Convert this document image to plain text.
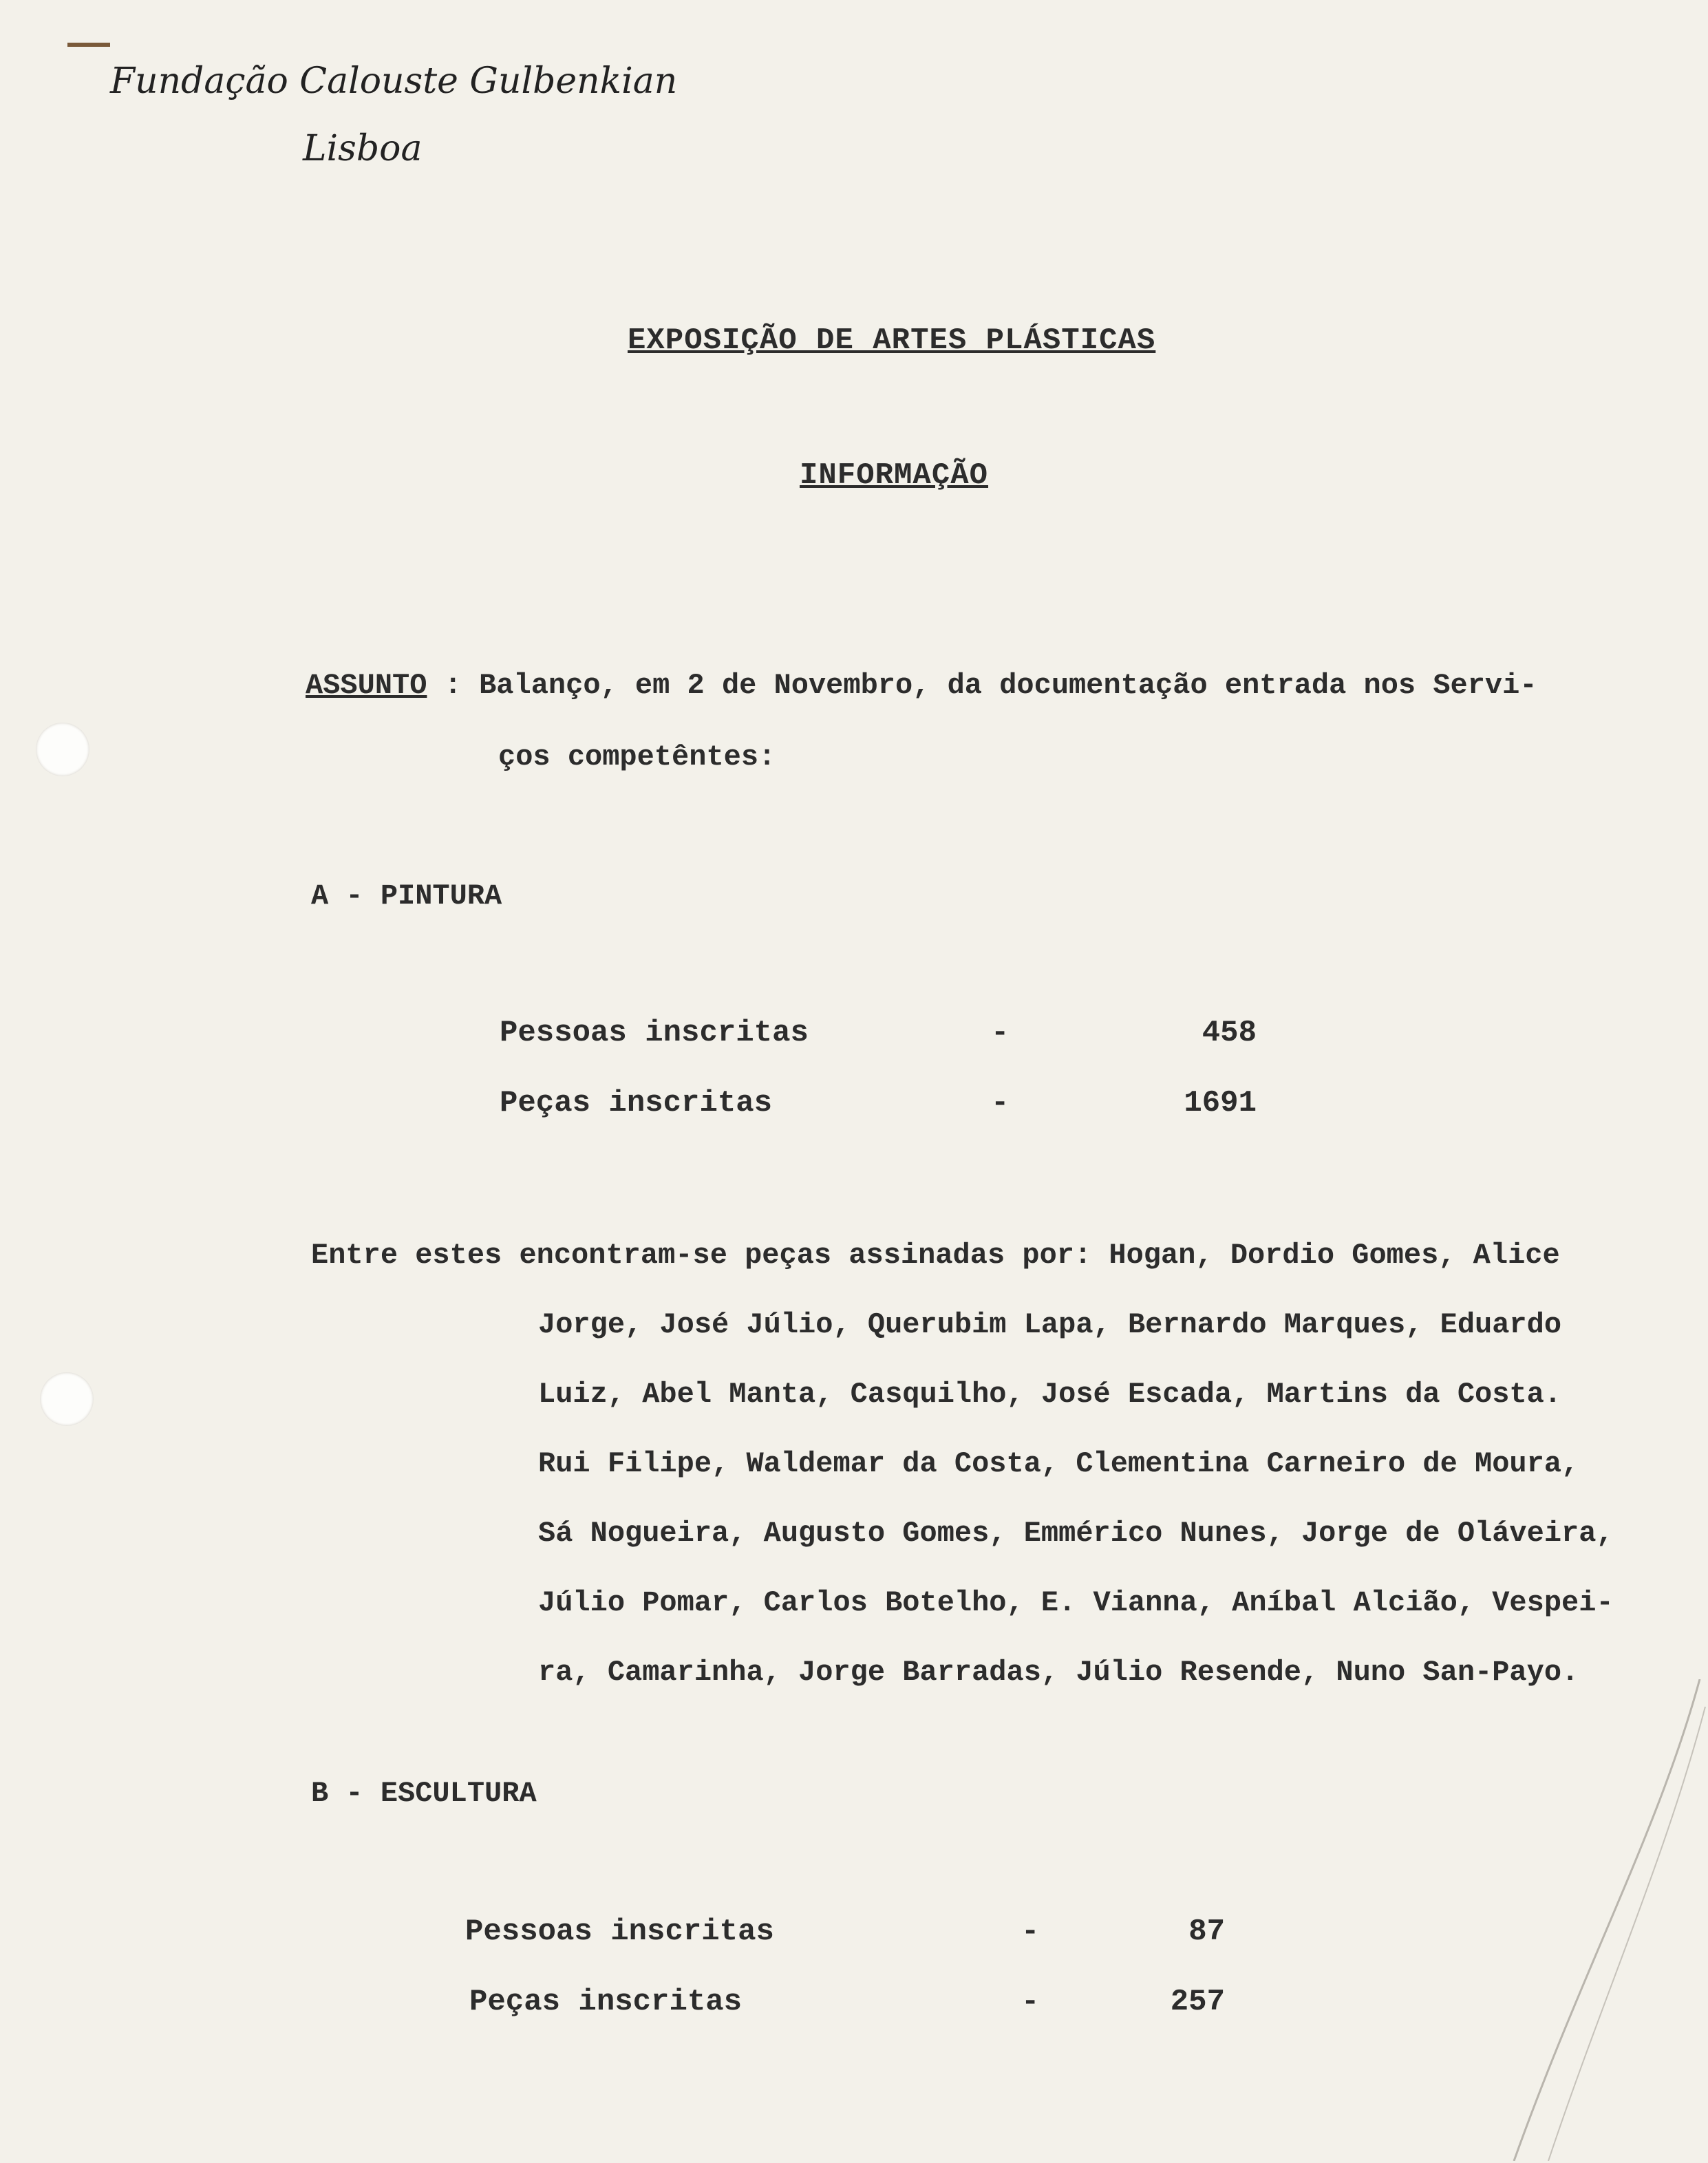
Fundação Calouste Gulbenkian
Lisboa
EXPOSIÇÃO DE ARTES PLÁSTICAS
INFORMAÇÃO
ASSUNTO : Balanço, em 2 de Novembro, da documentação entrada nos Servi-
ços competêntes:
A - PINTURA
Pessoas inscritas	-	458
Peças inscritas	-	1691
Entre estes encontram-se peças assinadas por: Hogan, Dordio Gomes, Alice
Jorge, José Júlio, Querubim Lapa, Bernardo Marques, Eduardo
Luiz, Abel Manta, Casquilho, José Escada, Martins da Costa.
Rui Filipe, Waldemar da Costa, Clementina Carneiro de Moura,
Sá Nogueira, Augusto Gomes, Emmérico Nunes, Jorge de Oláveira,
Júlio Pomar, Carlos Botelho, E. Vianna, Aníbal Alcião, Vespei-
ra, Camarinha, Jorge Barradas, Júlio Resende, Nuno San-Payo.
B - ESCULTURA
Pessoas inscritas	-	87
Peças inscritas	-	257
